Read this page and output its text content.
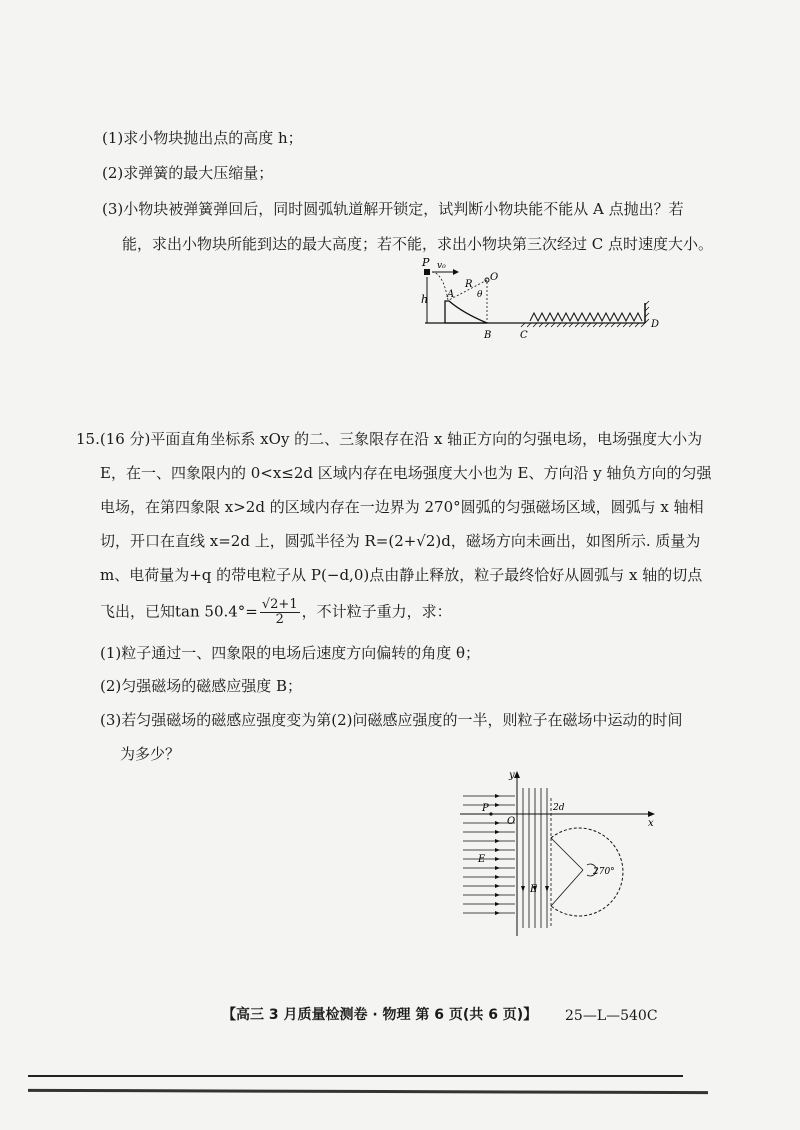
(1)求小物块抛出点的高度 h；
(2)求弹簧的最大压缩量；
(3)小物块被弹簧弹回后，同时圆弧轨道解开锁定，试判断小物块能不能从 A 点抛出？若
能，求出小物块所能到达的最大高度；若不能，求出小物块第三次经过 C 点时速度大小。
P v₀
h A
O
R
θ
B	C
D
15.(16 分)平面直角坐标系 xOy 的二、三象限存在沿 x 轴正方向的匀强电场，电场强度大小为
E，在一、四象限内的 0<x≤2d 区域内存在电场强度大小也为 E、方向沿 y 轴负方向的匀强
电场，在第四象限 x>2d 的区域内存在一边界为 270°圆弧的匀强磁场区域，圆弧与 x 轴相
切，开口在直线 x=2d 上，圆弧半径为 R=(2+√2)d，磁场方向未画出，如图所示. 质量为
m、电荷量为+q 的带电粒子从 P(−d,0)点由静止释放，粒子最终恰好从圆弧与 x 轴的切点
飞出，已知$\tan 50.4^\circ= \frac{√2+1}{2}$ ，不计粒子重力，求：
(1)粒子通过一、四象限的电场后速度方向偏转的角度 θ；
(2)匀强磁场的磁感应强度 B；
(3)若匀强磁场的磁感应强度变为第(2)问磁感应强度的一半，则粒子在磁场中运动的时间
为多少？
y
x
P
O
E
E
2d
270°
【高三 3 月质量检测卷 · 物理 第 6 页(共 6 页)】 25—L—540C
